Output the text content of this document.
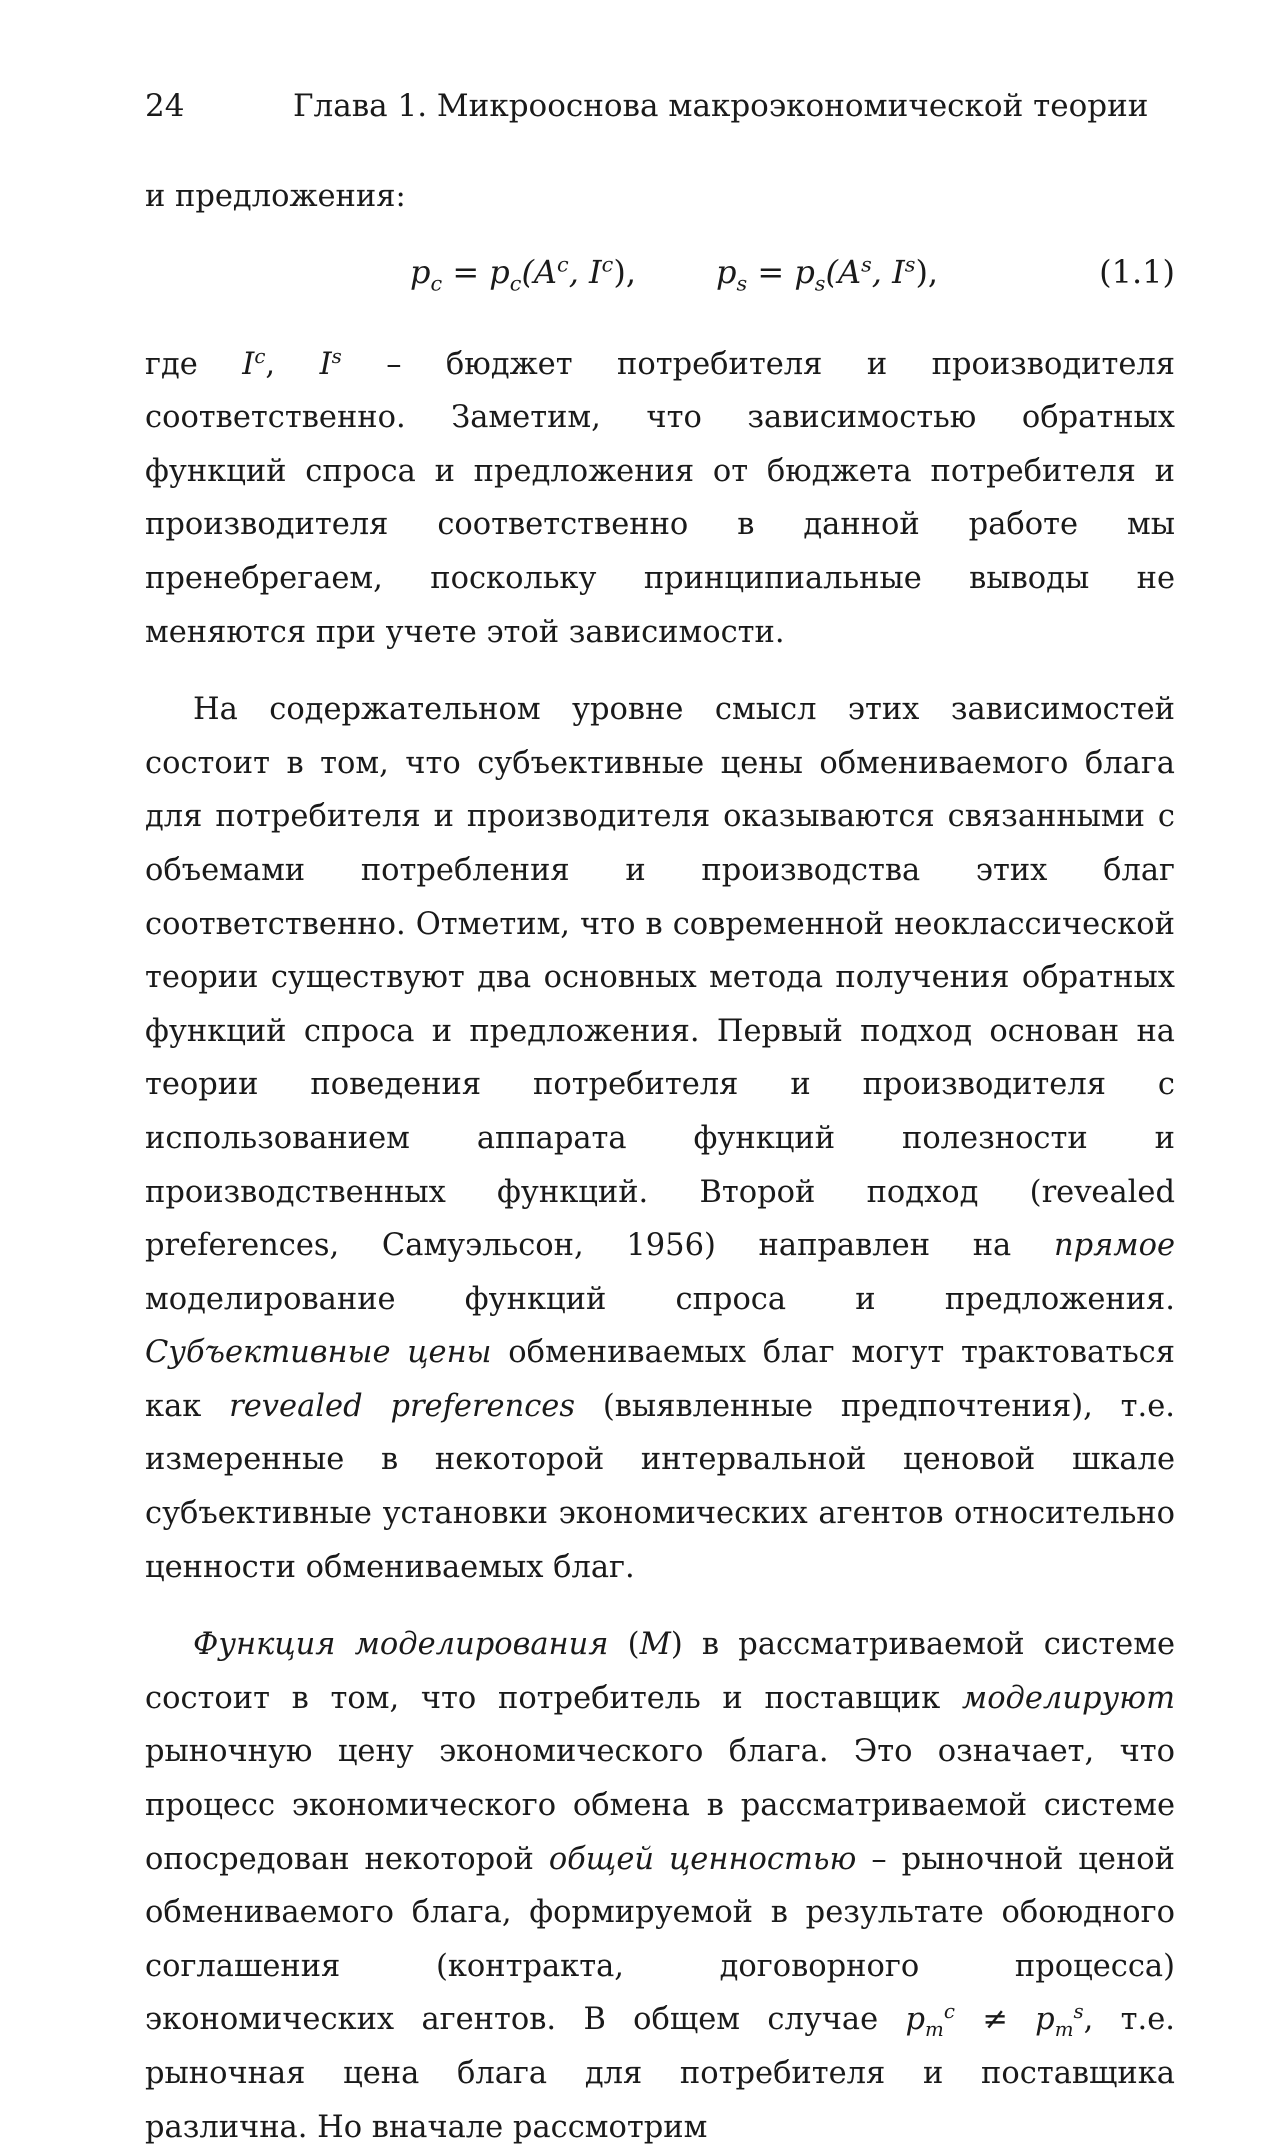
24	Глава 1. Микрооснова макроэкономической теории

и предложения:

$p_c = p_c(A^c$, $I^c$),	$p_s = p_s(A^s$, $I^s$),	(1.1)

где $I^c$, $I^s$ – бюджет потребителя и производителя соответственно. Заметим, что зависимостью обратных функций спроса и предложения от бюджета потребителя и производителя соответственно в данной работе мы пренебрегаем, поскольку принципиальные выводы не меняются при учете этой зависимости.

На содержательном уровне смысл этих зависимостей состоит в том, что субъективные цены обмениваемого блага для потребителя и производителя оказываются связанными с объемами потребления и производства этих благ соответственно. Отметим, что в современной неоклассической теории существуют два основных метода получения обратных функций спроса и предложения. Первый подход основан на теории поведения потребителя и производителя с использованием аппарата функций полезности и производственных функций. Второй подход (revealed preferences, Самуэльсон, 1956) направлен на прямое моделирование функций спроса и предложения. Субъективные цены обмениваемых благ могут трактоваться как revealed preferences (выявленные предпочтения), т.е. измеренные в некоторой интервальной ценовой шкале субъективные установки экономических агентов относительно ценности обмениваемых благ.

Функция моделирования (M) в рассматриваемой системе состоит в том, что потребитель и поставщик моделируют рыночную цену экономического блага. Это означает, что процесс экономического обмена в рассматриваемой системе опосредован некоторой общей ценностью – рыночной ценой обмениваемого блага, формируемой в результате обоюдного соглашения (контракта, договорного процесса) экономических агентов. В общем случае $p_m^c \ne p_m^s$, т.е. рыночная цена блага для потребителя и поставщика различна. Но вначале рассмотрим
